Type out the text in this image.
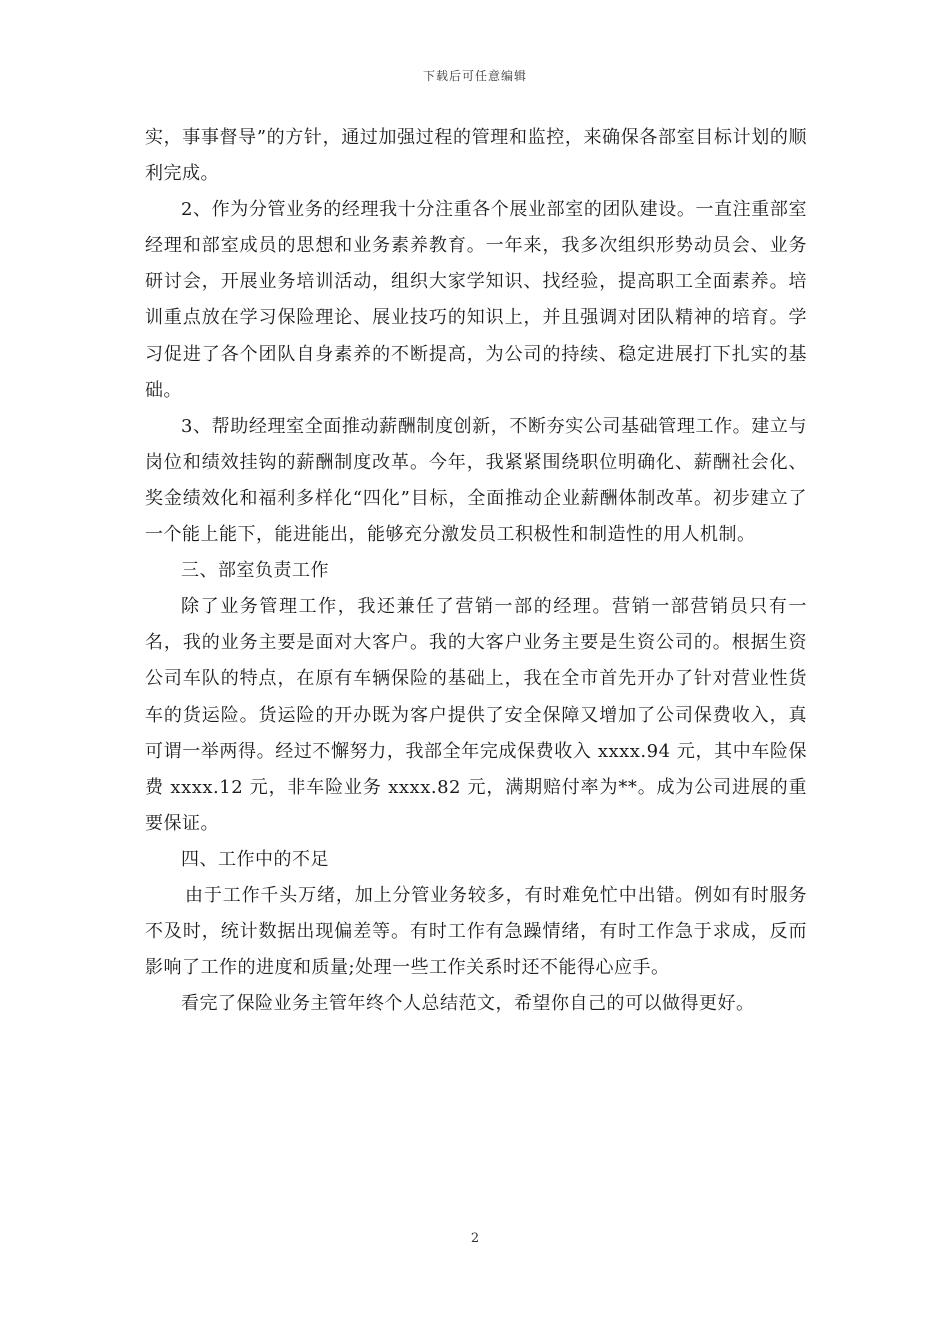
下载后可任意编辑

实，事事督导”的方针，通过加强过程的管理和监控，来确保各部室目标计划的顺利完成。

2、作为分管业务的经理我十分注重各个展业部室的团队建设。一直注重部室经理和部室成员的思想和业务素养教育。一年来，我多次组织形势动员会、业务研讨会，开展业务培训活动，组织大家学知识、找经验，提高职工全面素养。培训重点放在学习保险理论、展业技巧的知识上，并且强调对团队精神的培育。学习促进了各个团队自身素养的不断提高，为公司的持续、稳定进展打下扎实的基础。

3、帮助经理室全面推动薪酬制度创新，不断夯实公司基础管理工作。建立与岗位和绩效挂钩的薪酬制度改革。今年，我紧紧围绕职位明确化、薪酬社会化、奖金绩效化和福利多样化“四化”目标，全面推动企业薪酬体制改革。初步建立了一个能上能下，能进能出，能够充分激发员工积极性和制造性的用人机制。

三、部室负责工作

除了业务管理工作，我还兼任了营销一部的经理。营销一部营销员只有一名，我的业务主要是面对大客户。我的大客户业务主要是生资公司的。根据生资公司车队的特点，在原有车辆保险的基础上，我在全市首先开办了针对营业性货车的货运险。货运险的开办既为客户提供了安全保障又增加了公司保费收入，真可谓一举两得。经过不懈努力，我部全年完成保费收入 xxxx.94 元，其中车险保费 xxxx.12 元，非车险业务 xxxx.82 元，满期赔付率为**。成为公司进展的重要保证。

四、工作中的不足

由于工作千头万绪，加上分管业务较多，有时难免忙中出错。例如有时服务不及时，统计数据出现偏差等。有时工作有急躁情绪，有时工作急于求成，反而影响了工作的进度和质量;处理一些工作关系时还不能得心应手。

看完了保险业务主管年终个人总结范文，希望你自己的可以做得更好。

2
